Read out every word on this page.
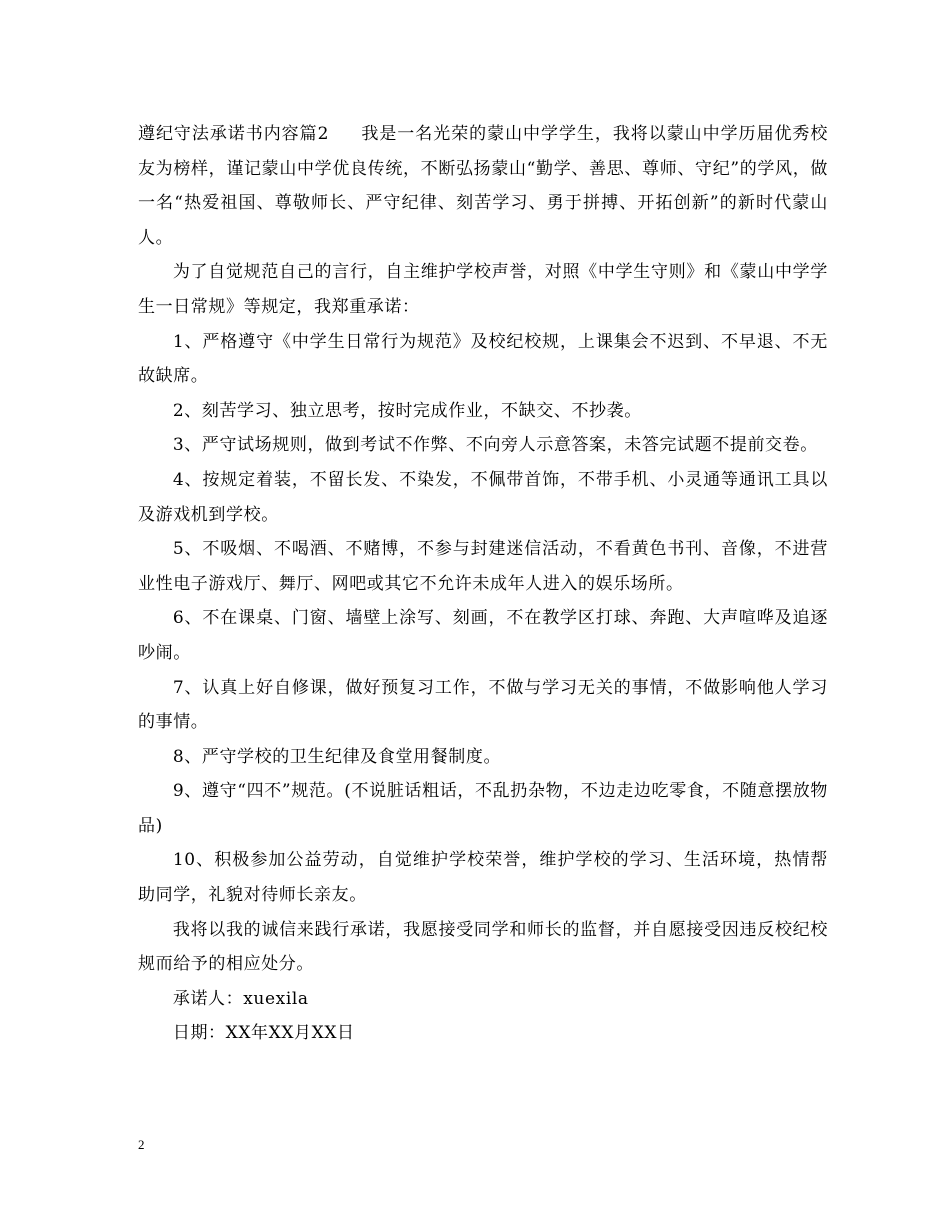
遵纪守法承诺书内容篇2 我是一名光荣的蒙山中学学生，我将以蒙山中学历届优秀校友为榜样，谨记蒙山中学优良传统，不断弘扬蒙山“勤学、善思、尊师、守纪”的学风，做一名“热爱祖国、尊敬师长、严守纪律、刻苦学习、勇于拼搏、开拓创新”的新时代蒙山人。

为了自觉规范自己的言行，自主维护学校声誉，对照《中学生守则》和《蒙山中学学生一日常规》等规定，我郑重承诺：

1、严格遵守《中学生日常行为规范》及校纪校规，上课集会不迟到、不早退、不无故缺席。

2、刻苦学习、独立思考，按时完成作业，不缺交、不抄袭。

3、严守试场规则，做到考试不作弊、不向旁人示意答案，未答完试题不提前交卷。

4、按规定着装，不留长发、不染发，不佩带首饰，不带手机、小灵通等通讯工具以及游戏机到学校。

5、不吸烟、不喝酒、不赌博，不参与封建迷信活动，不看黄色书刊、音像，不进营业性电子游戏厅、舞厅、网吧或其它不允许未成年人进入的娱乐场所。

6、不在课桌、门窗、墙壁上涂写、刻画，不在教学区打球、奔跑、大声喧哗及追逐吵闹。

7、认真上好自修课，做好预复习工作，不做与学习无关的事情，不做影响他人学习的事情。

8、严守学校的卫生纪律及食堂用餐制度。

9、遵守“四不”规范。(不说脏话粗话，不乱扔杂物，不边走边吃零食，不随意摆放物品)

10、积极参加公益劳动，自觉维护学校荣誉，维护学校的学习、生活环境，热情帮助同学，礼貌对待师长亲友。

我将以我的诚信来践行承诺，我愿接受同学和师长的监督，并自愿接受因违反校纪校规而给予的相应处分。

承诺人：xuexila

日期：XX年XX月XX日

2
